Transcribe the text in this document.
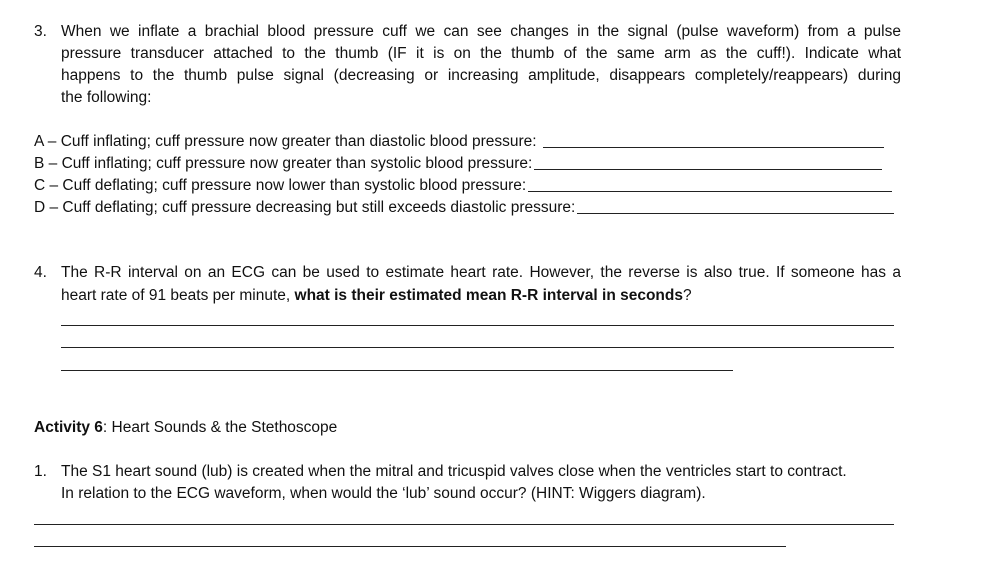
3. When we inflate a brachial blood pressure cuff we can see changes in the signal (pulse waveform) from a pulse
pressure transducer attached to the thumb (IF it is on the thumb of the same arm as the cuff!). Indicate what
happens to the thumb pulse signal (decreasing or increasing amplitude, disappears completely/reappears) during
the following:
A – Cuff inflating; cuff pressure now greater than diastolic blood pressure:
B – Cuff inflating; cuff pressure now greater than systolic blood pressure:
C – Cuff deflating; cuff pressure now lower than systolic blood pressure:
D – Cuff deflating; cuff pressure decreasing but still exceeds diastolic pressure:
4. The R-R interval on an ECG can be used to estimate heart rate. However, the reverse is also true. If someone has a
heart rate of 91 beats per minute, what is their estimated mean R-R interval in seconds?
Activity 6: Heart Sounds & the Stethoscope
1. The S1 heart sound (lub) is created when the mitral and tricuspid valves close when the ventricles start to contract.
In relation to the ECG waveform, when would the ‘lub’ sound occur? (HINT: Wiggers diagram).
